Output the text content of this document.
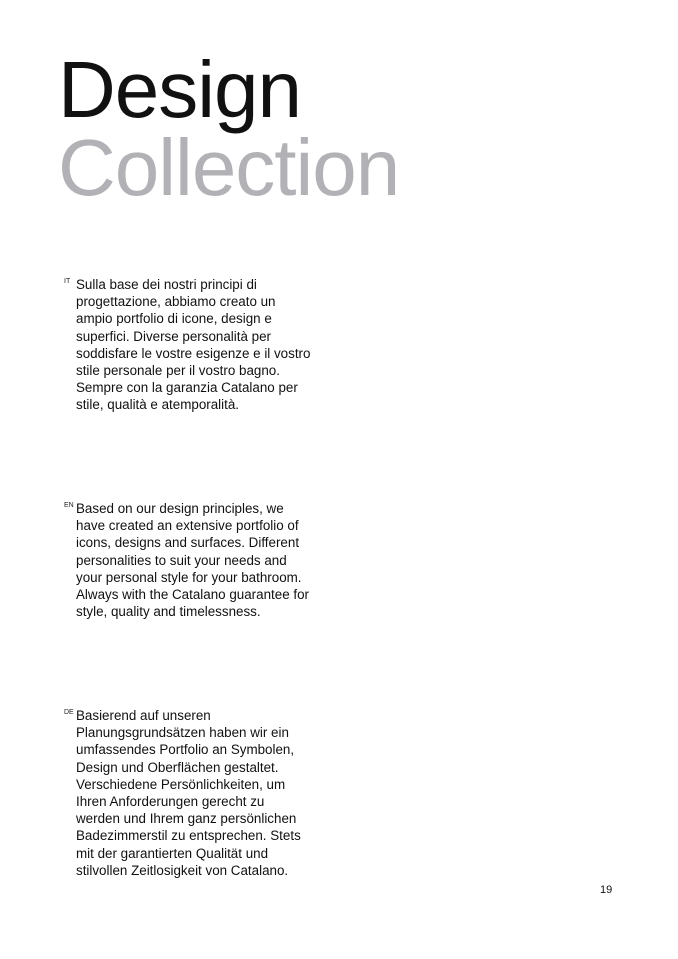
Design
Collection
IT Sulla base dei nostri principi di
progettazione, abbiamo creato un
ampio portfolio di icone, design e
superfici. Diverse personalità per
soddisfare le vostre esigenze e il vostro
stile personale per il vostro bagno.
Sempre con la garanzia Catalano per
stile, qualità e atemporalità.
EN Based on our design principles, we
have created an extensive portfolio of
icons, designs and surfaces. Different
personalities to suit your needs and
your personal style for your bathroom.
Always with the Catalano guarantee for
style, quality and timelessness.
DE Basierend auf unseren
Planungsgrundsätzen haben wir ein
umfassendes Portfolio an Symbolen,
Design und Oberflächen gestaltet.
Verschiedene Persönlichkeiten, um
Ihren Anforderungen gerecht zu
werden und Ihrem ganz persönlichen
Badezimmerstil zu entsprechen. Stets
mit der garantierten Qualität und
stilvollen Zeitlosigkeit von Catalano.
19
